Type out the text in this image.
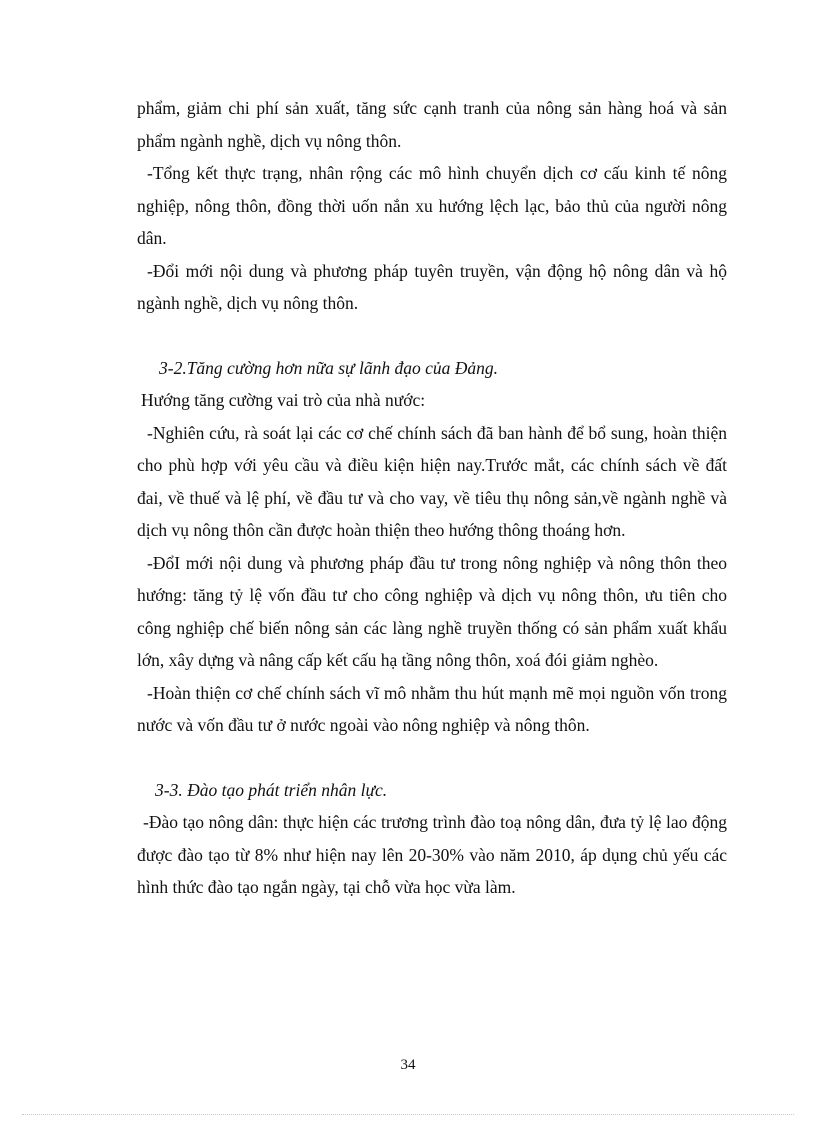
phẩm, giảm chi phí sản xuất, tăng sức cạnh tranh của nông sản hàng hoá và sản phẩm ngành nghề, dịch vụ nông thôn.

-Tổng kết thực trạng, nhân rộng các mô hình chuyển dịch cơ cấu kinh tế nông nghiệp, nông thôn, đồng thời uốn nắn xu hướng lệch lạc, bảo thủ của người nông dân.

-Đổi mới nội dung và phương pháp tuyên truyền, vận động hộ nông dân và hộ ngành nghề, dịch vụ nông thôn.

3-2.Tăng cường hơn nữa sự lãnh đạo của Đảng.

Hướng tăng cường vai trò của nhà nước:

-Nghiên cứu, rà soát lại các cơ chế chính sách đã ban hành để bổ sung, hoàn thiện cho phù hợp với yêu cầu và điều kiện hiện nay.Trước mắt, các chính sách về đất đai, về thuế và lệ phí, về đầu tư và cho vay, về tiêu thụ nông sản,về ngành nghề và dịch vụ nông thôn cần được hoàn thiện theo hướng thông thoáng hơn.

-ĐổI mới nội dung và phương pháp đầu tư trong nông nghiệp và nông thôn theo hướng: tăng tỷ lệ vốn đầu tư cho công nghiệp và dịch vụ nông thôn, ưu tiên cho công nghiệp chế biến nông sản các làng nghề truyền thống có sản phẩm xuất khẩu lớn, xây dựng và nâng cấp kết cấu hạ tầng nông thôn, xoá đói giảm nghèo.

-Hoàn thiện cơ chế chính sách vĩ mô nhằm thu hút mạnh mẽ mọi nguồn vốn trong nước và vốn đầu tư ở nước ngoài vào nông nghiệp và nông thôn.

3-3. Đào tạo phát triển nhân lực.

-Đào tạo nông dân: thực hiện các trương trình đào toạ nông dân, đưa tỷ lệ lao động được đào tạo từ 8% như hiện nay lên 20-30% vào năm 2010, áp dụng chủ yếu các hình thức đào tạo ngắn ngày, tại chỗ vừa học vừa làm.

34
